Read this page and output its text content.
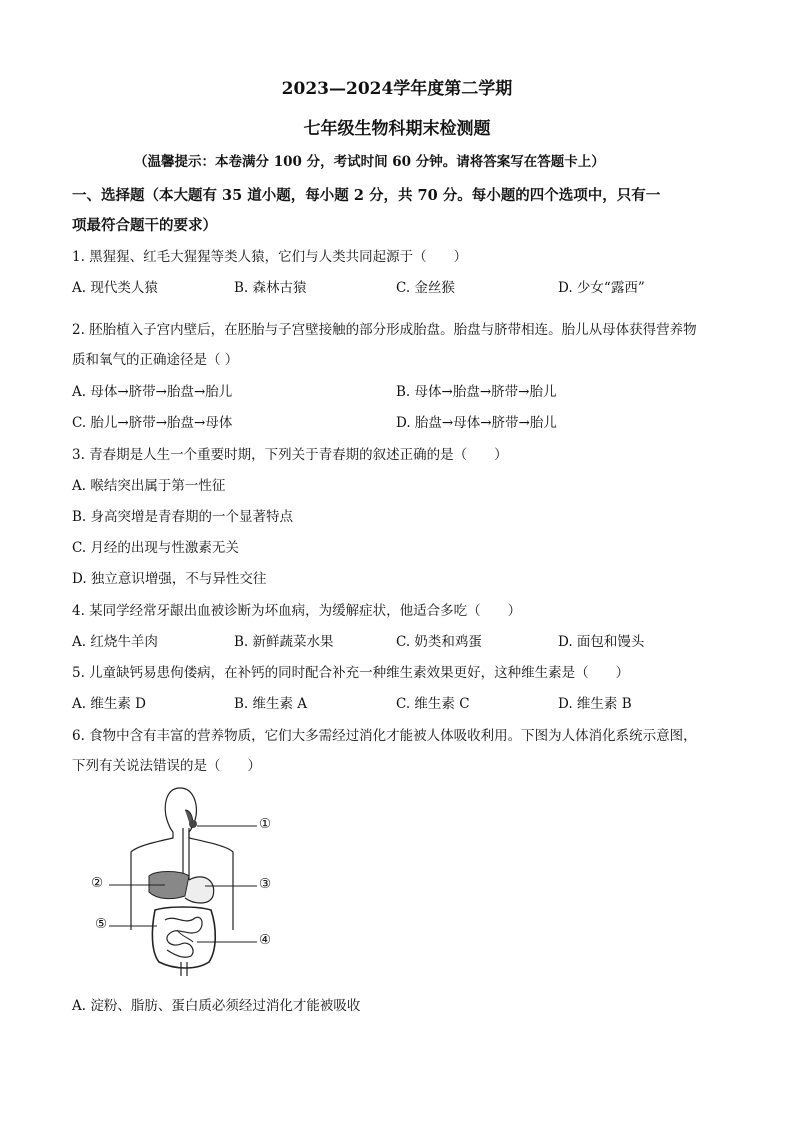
2023—2024学年度第二学期
七年级生物科期末检测题
（温馨提示：本卷满分 100 分，考试时间 60 分钟。请将答案写在答题卡上）
一、选择题（本大题有 35 道小题，每小题 2 分，共 70 分。每小题的四个选项中，只有一
项最符合题干的要求）
1. 黑猩猩、红毛大猩猩等类人猿，它们与人类共同起源于（　　）
A. 现代类人猿	B. 森林古猿	C. 金丝猴	D. 少女“露西”
2. 胚胎植入子宫内壁后，在胚胎与子宫壁接触的部分形成胎盘。胎盘与脐带相连。胎儿从母体获得营养物
质和氧气的正确途径是（ ）
A. 母体→脐带→胎盘→胎儿	B. 母体→胎盘→脐带→胎儿
C. 胎儿→脐带→胎盘→母体	D. 胎盘→母体→脐带→胎儿
3. 青春期是人生一个重要时期，下列关于青春期的叙述正确的是（　　）
A. 喉结突出属于第一性征
B. 身高突增是青春期的一个显著特点
C. 月经的出现与性激素无关
D. 独立意识增强，不与异性交往
4. 某同学经常牙龈出血被诊断为坏血病，为缓解症状，他适合多吃（　　）
A. 红烧牛羊肉	B. 新鲜蔬菜水果	C. 奶类和鸡蛋	D. 面包和馒头
5. 儿童缺钙易患佝偻病，在补钙的同时配合补充一种维生素效果更好，这种维生素是（　　）
A. 维生素 D	B. 维生素 A	C. 维生素 C	D. 维生素 B
6. 食物中含有丰富的营养物质，它们大多需经过消化才能被人体吸收利用。下图为人体消化系统示意图，
下列有关说法错误的是（　　）
①
②	③
④
⑤
A. 淀粉、脂肪、蛋白质必须经过消化才能被吸收
